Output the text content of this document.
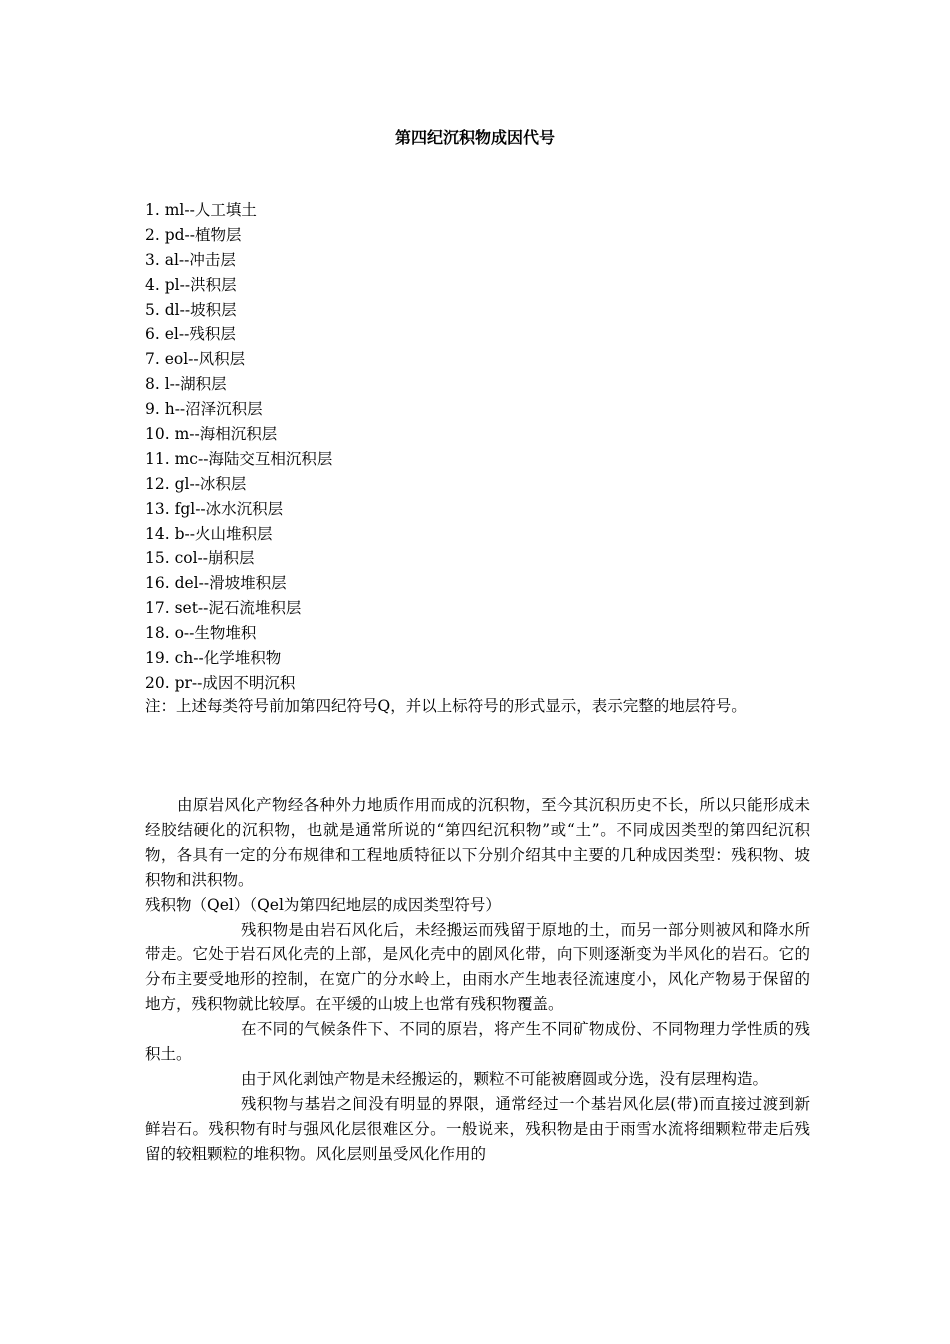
第四纪沉积物成因代号
1. ml--人工填土
2. pd--植物层
3. al--冲击层
4. pl--洪积层
5. dl--坡积层
6. el--残积层
7. eol--风积层
8. l--湖积层
9. h--沼泽沉积层
10. m--海相沉积层
11. mc--海陆交互相沉积层
12. gl--冰积层
13. fgl--冰水沉积层
14. b--火山堆积层
15. col--崩积层
16. del--滑坡堆积层
17. set--泥石流堆积层
18. o--生物堆积
19. ch--化学堆积物
20. pr--成因不明沉积

注：上述每类符号前加第四纪符号Q，并以上标符号的形式显示，表示完整的地层符号。

由原岩风化产物经各种外力地质作用而成的沉积物，至今其沉积历史不长，所以只能形成未经胶结硬化的沉积物，也就是通常所说的“第四纪沉积物”或“土”。不同成因类型的第四纪沉积物，各具有一定的分布规律和工程地质特征以下分别介绍其中主要的几种成因类型：残积物、坡积物和洪积物。

残积物（Qel）（Qel为第四纪地层的成因类型符号）

残积物是由岩石风化后，未经搬运而残留于原地的土，而另一部分则被风和降水所带走。它处于岩石风化壳的上部，是风化壳中的剧风化带，向下则逐渐变为半风化的岩石。它的分布主要受地形的控制，在宽广的分水岭上，由雨水产生地表径流速度小，风化产物易于保留的地方，残积物就比较厚。在平缓的山坡上也常有残积物覆盖。

在不同的气候条件下、不同的原岩，将产生不同矿物成份、不同物理力学性质的残积土。

由于风化剥蚀产物是未经搬运的，颗粒不可能被磨圆或分选，没有层理构造。

残积物与基岩之间没有明显的界限，通常经过一个基岩风化层(带)而直接过渡到新鲜岩石。残积物有时与强风化层很难区分。一般说来，残积物是由于雨雪水流将细颗粒带走后残留的较粗颗粒的堆积物。风化层则虽受风化作用的
